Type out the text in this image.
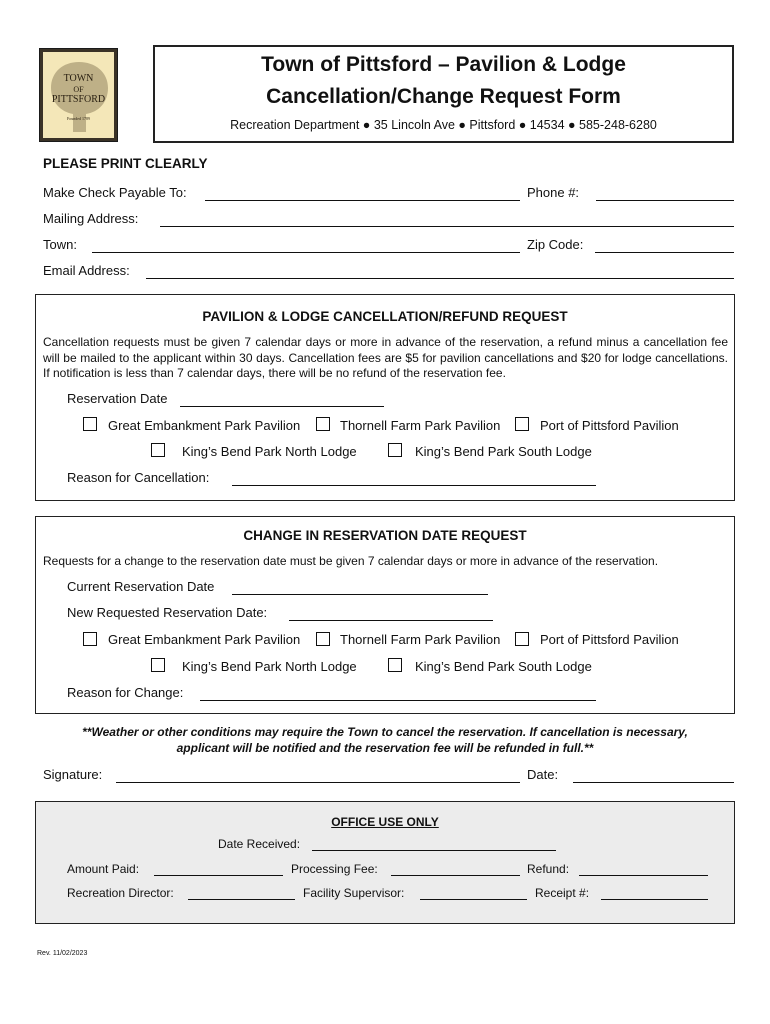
TOWN
OF
PITTSFORD
Founded 1789
Town of Pittsford – Pavilion & Lodge
Cancellation/Change Request Form
Recreation Department ● 35 Lincoln Ave ● Pittsford ● 14534 ● 585-248-6280
PLEASE PRINT CLEARLY
Make Check Payable To:	Phone #:
Mailing Address:
Town:	Zip Code:
Email Address:
PAVILION & LODGE CANCELLATION/REFUND REQUEST
Cancellation requests must be given 7 calendar days or more in advance of the reservation, a refund minus a cancellation fee will be mailed to the applicant within 30 days. Cancellation fees are $5 for pavilion cancellations and $20 for lodge cancellations. If notification is less than 7 calendar days, there will be no refund of the reservation fee.
Reservation Date
Great Embankment Park Pavilion	Thornell Farm Park Pavilion	Port of Pittsford Pavilion
King’s Bend Park North Lodge	King’s Bend Park South Lodge
Reason for Cancellation:
CHANGE IN RESERVATION DATE REQUEST
Requests for a change to the reservation date must be given 7 calendar days or more in advance of the reservation.
Current Reservation Date
New Requested Reservation Date:
Great Embankment Park Pavilion	Thornell Farm Park Pavilion	Port of Pittsford Pavilion
King’s Bend Park North Lodge	King’s Bend Park South Lodge
Reason for Change:
**Weather or other conditions may require the Town to cancel the reservation. If cancellation is necessary,
applicant will be notified and the reservation fee will be refunded in full.**
Signature:	Date:
OFFICE USE ONLY
Date Received:
Amount Paid:	Processing Fee:	Refund:
Recreation Director:	Facility Supervisor:	Receipt #:
Rev. 11/02/2023
